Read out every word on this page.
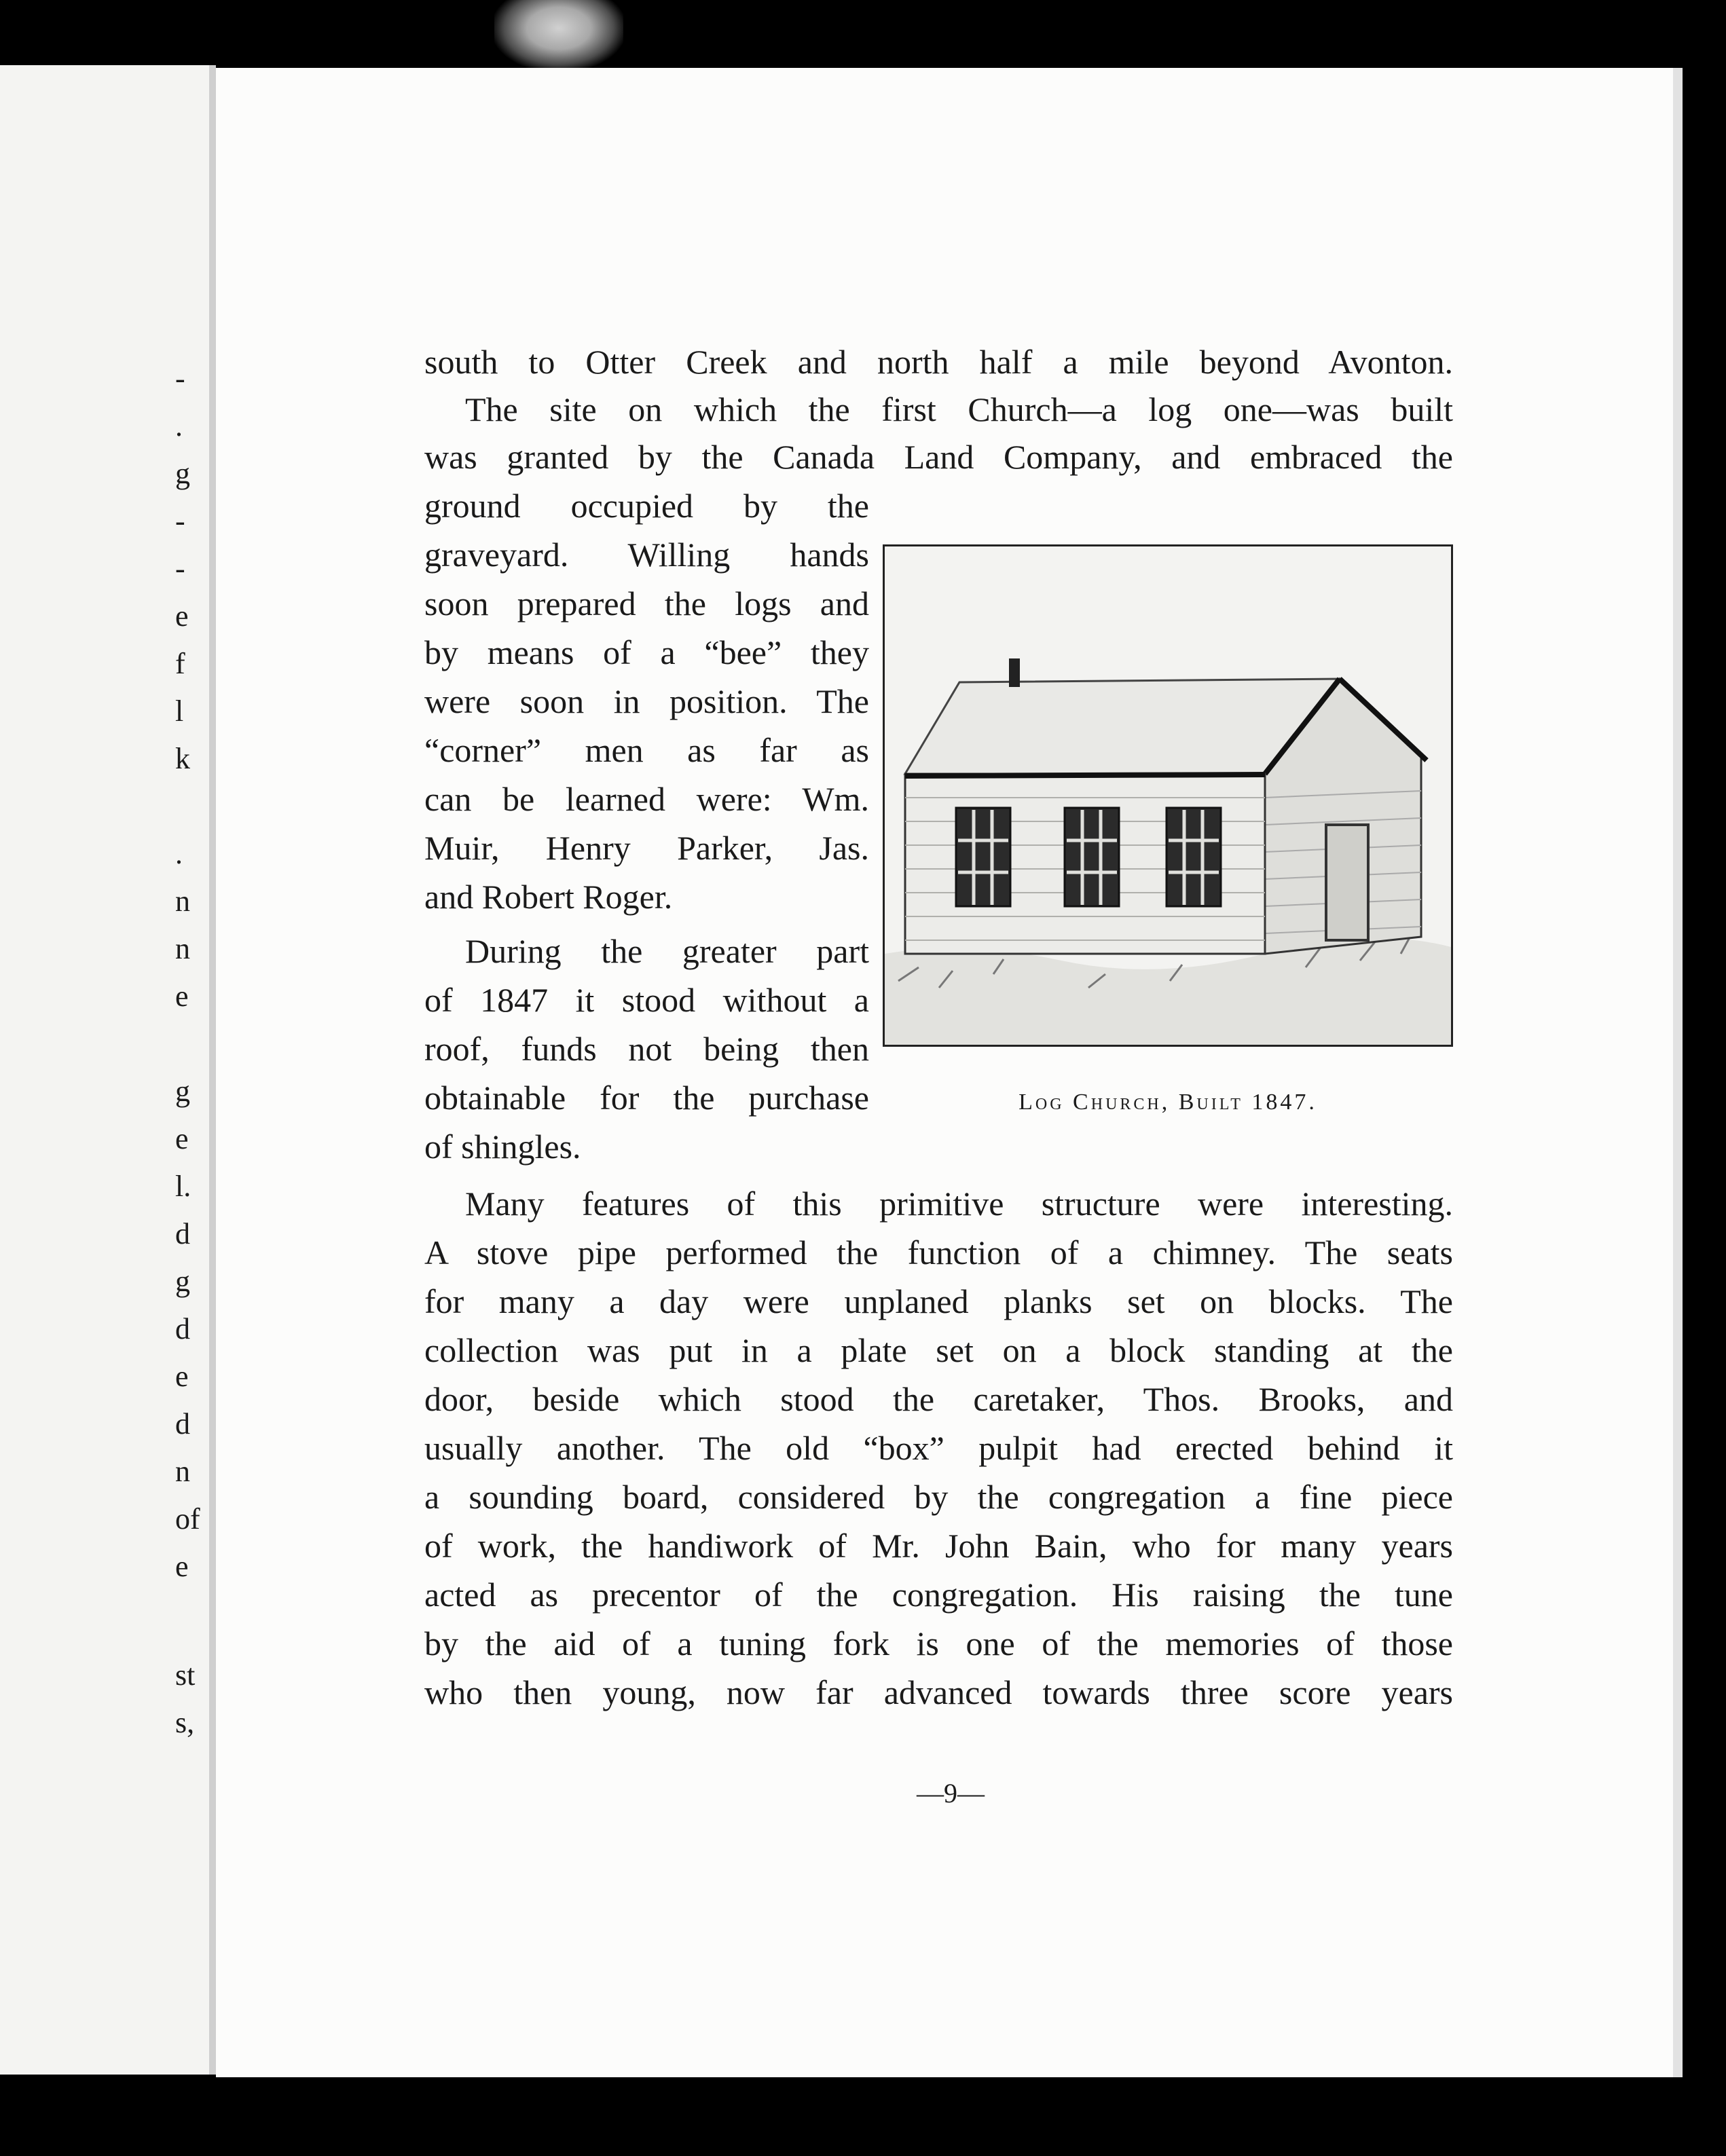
-
.
g
-
-
e
f
l
k
.
n
n
e
g
e
l.
d
g
d
e
d
n
of
e
st
s,
south to Otter Creek and north half a mile beyond Avonton.
The site on which the first Church—a log one—was built
was granted by the Canada Land Company, and embraced the
ground occupied by the
graveyard. Willing hands
soon prepared the logs and
by means of a “bee” they
were soon in position. The
“corner” men as far as
can be learned were: Wm.
Muir, Henry Parker, Jas.
and Robert Roger.
During the greater part
of 1847 it stood without a
roof, funds not being then
obtainable for the purchase
of shingles.
Log Church, Built 1847.
Many features of this primitive structure were interesting.
A stove pipe performed the function of a chimney. The seats
for many a day were unplaned planks set on blocks. The
collection was put in a plate set on a block standing at the
door, beside which stood the caretaker, Thos. Brooks, and
usually another. The old “box” pulpit had erected behind it
a sounding board, considered by the congregation a fine piece
of work, the handiwork of Mr. John Bain, who for many years
acted as precentor of the congregation. His raising the tune
by the aid of a tuning fork is one of the memories of those
who then young, now far advanced towards three score years
—9—
